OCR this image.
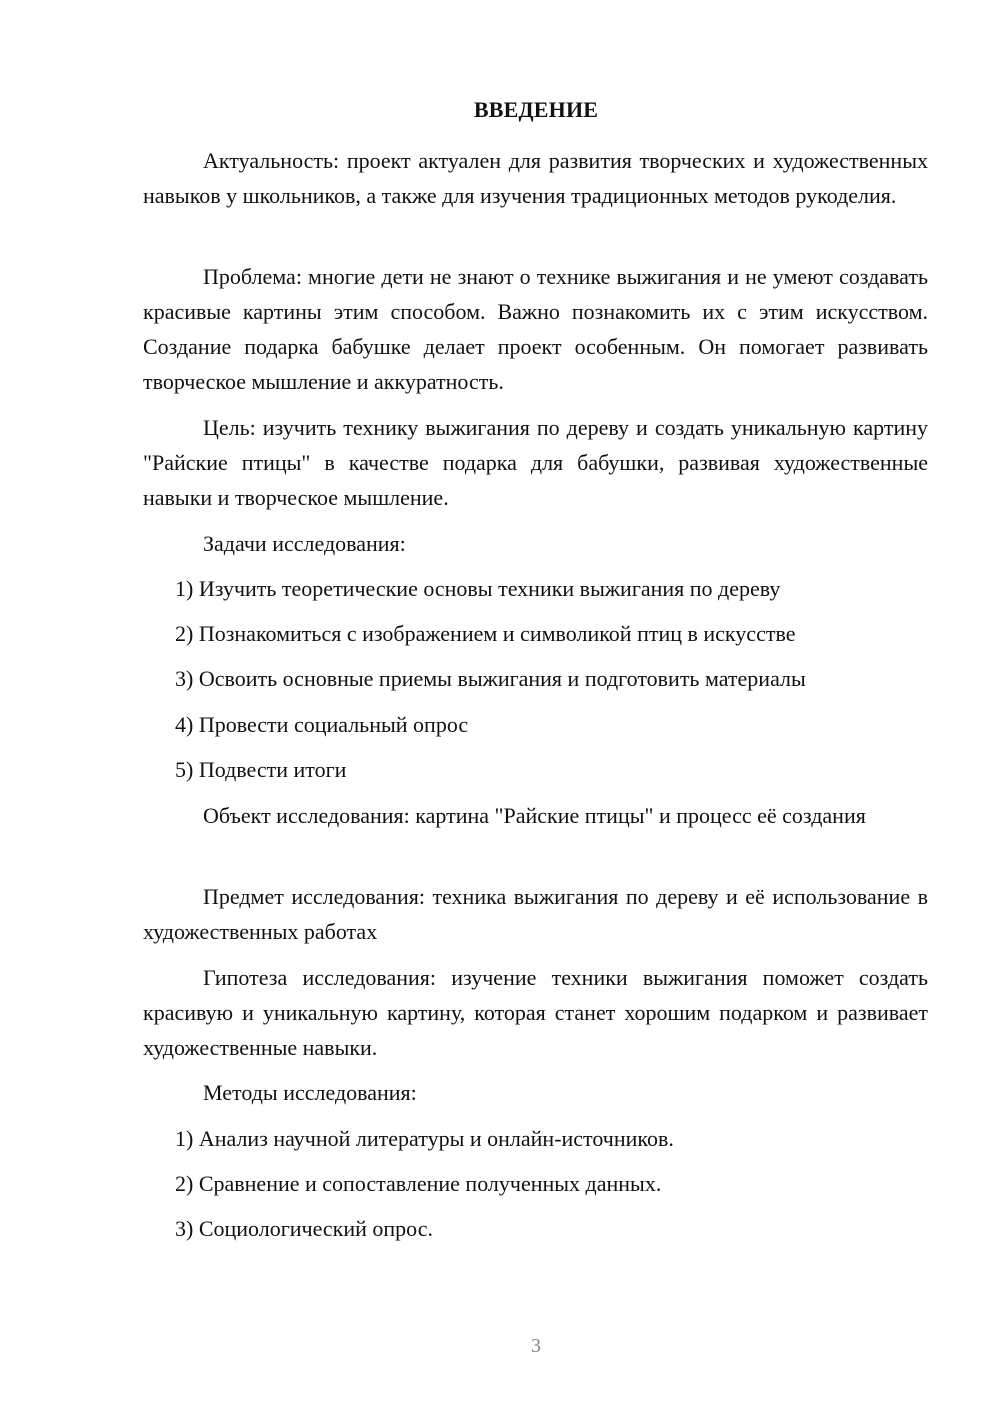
ВВЕДЕНИЕ

Актуальность: проект актуален для развития творческих и художественных навыков у школьников, а также для изучения традиционных методов рукоделия.

Проблема: многие дети не знают о технике выжигания и не умеют создавать красивые картины этим способом. Важно познакомить их с этим искусством. Создание подарка бабушке делает проект особенным. Он помогает развивать творческое мышление и аккуратность.

Цель: изучить технику выжигания по дереву и создать уникальную картину "Райские птицы" в качестве подарка для бабушки, развивая художественные навыки и творческое мышление.

Задачи исследования:
1) Изучить теоретические основы техники выжигания по дереву
2) Познакомиться с изображением и символикой птиц в искусстве
3) Освоить основные приемы выжигания и подготовить материалы
4) Провести социальный опрос
5) Подвести итоги

Объект исследования: картина "Райские птицы" и процесс её создания

Предмет исследования: техника выжигания по дереву и её использование в художественных работах

Гипотеза исследования: изучение техники выжигания поможет создать красивую и уникальную картину, которая станет хорошим подарком и развивает художественные навыки.

Методы исследования:
1) Анализ научной литературы и онлайн-источников.
2) Сравнение и сопоставление полученных данных.
3) Социологический опрос.
3
